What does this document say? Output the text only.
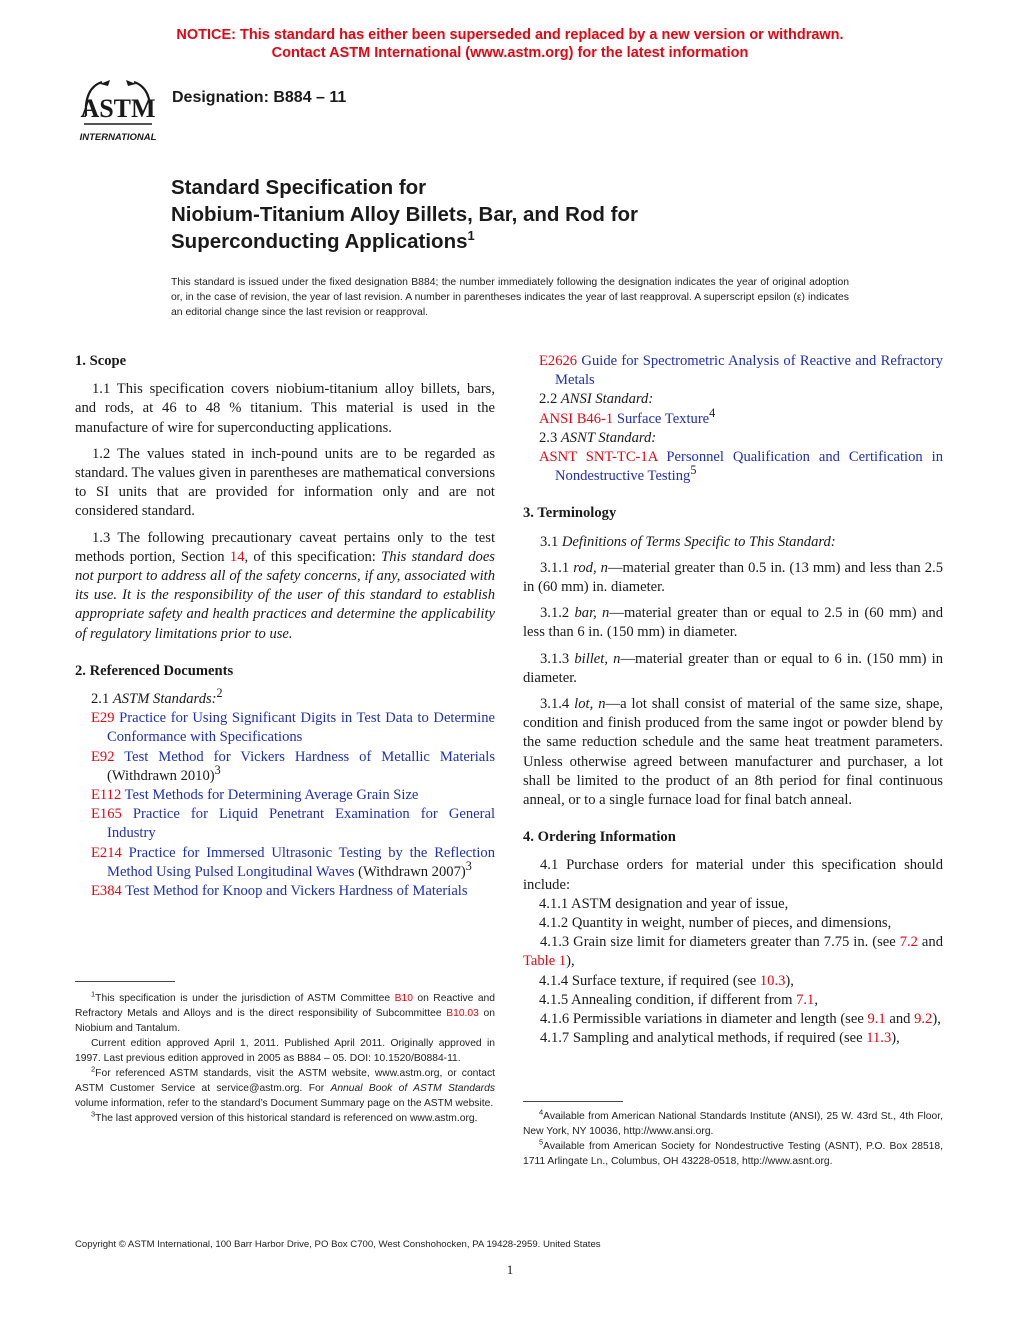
NOTICE: This standard has either been superseded and replaced by a new version or withdrawn.
Contact ASTM International (www.astm.org) for the latest information
ASTM
INTERNATIONAL
Designation: B884 – 11
Standard Specification for
Niobium-Titanium Alloy Billets, Bar, and Rod for
Superconducting Applications$^1$
This standard is issued under the fixed designation B884; the number immediately following the designation indicates the year of original adoption or, in the case of revision, the year of last revision. A number in parentheses indicates the year of last reapproval. A superscript epsilon (ε) indicates an editorial change since the last revision or reapproval.
1. Scope

1.1 This specification covers niobium-titanium alloy billets, bars, and rods, at 46 to 48 % titanium. This material is used in the manufacture of wire for superconducting applications.

1.2 The values stated in inch-pound units are to be regarded as standard. The values given in parentheses are mathematical conversions to SI units that are provided for information only and are not considered standard.

1.3 The following precautionary caveat pertains only to the test methods portion, Section 14, of this specification: This standard does not purport to address all of the safety concerns, if any, associated with its use. It is the responsibility of the user of this standard to establish appropriate safety and health practices and determine the applicability of regulatory limitations prior to use.

2. Referenced Documents

2.1 ASTM Standards:$^2$

E29 Practice for Using Significant Digits in Test Data to Determine Conformance with Specifications

E92 Test Method for Vickers Hardness of Metallic Materials (Withdrawn 2010)$^3$

E112 Test Methods for Determining Average Grain Size

E165 Practice for Liquid Penetrant Examination for General Industry

E214 Practice for Immersed Ultrasonic Testing by the Reflection Method Using Pulsed Longitudinal Waves (Withdrawn 2007)$^3$

E384 Test Method for Knoop and Vickers Hardness of Materials

E2626 Guide for Spectrometric Analysis of Reactive and Refractory Metals

2.2 ANSI Standard:

ANSI B46-1 Surface Texture$^4$

2.3 ASNT Standard:

ASNT SNT-TC-1A Personnel Qualification and Certification in Nondestructive Testing$^5$

3. Terminology

3.1 Definitions of Terms Specific to This Standard:

3.1.1 rod, n—material greater than 0.5 in. (13 mm) and less than 2.5 in (60 mm) in. diameter.

3.1.2 bar, n—material greater than or equal to 2.5 in (60 mm) and less than 6 in. (150 mm) in diameter.

3.1.3 billet, n—material greater than or equal to 6 in. (150 mm) in diameter.

3.1.4 lot, n—a lot shall consist of material of the same size, shape, condition and finish produced from the same ingot or powder blend by the same reduction schedule and the same heat treatment parameters. Unless otherwise agreed between manufacturer and purchaser, a lot shall be limited to the product of an 8th period for final continuous anneal, or to a single furnace load for final batch anneal.

4. Ordering Information

4.1 Purchase orders for material under this specification should include:

4.1.1 ASTM designation and year of issue,

4.1.2 Quantity in weight, number of pieces, and dimensions,

4.1.3 Grain size limit for diameters greater than 7.75 in. (see 7.2 and Table 1),

4.1.4 Surface texture, if required (see 10.3),

4.1.5 Annealing condition, if different from 7.1,

4.1.6 Permissible variations in diameter and length (see 9.1 and 9.2),

4.1.7 Sampling and analytical methods, if required (see 11.3),

$^1$This specification is under the jurisdiction of ASTM Committee B10 on Reactive and Refractory Metals and Alloys and is the direct responsibility of Subcommittee B10.03 on Niobium and Tantalum.

Current edition approved April 1, 2011. Published April 2011. Originally approved in 1997. Last previous edition approved in 2005 as B884 – 05. DOI: 10.1520/B0884-11.

$^2$For referenced ASTM standards, visit the ASTM website, www.astm.org, or contact ASTM Customer Service at service@astm.org. For Annual Book of ASTM Standards volume information, refer to the standard’s Document Summary page on the ASTM website.

$^3$The last approved version of this historical standard is referenced on www.astm.org.

$^4$Available from American National Standards Institute (ANSI), 25 W. 43rd St., 4th Floor, New York, NY 10036, http://www.ansi.org.

$^5$Available from American Society for Nondestructive Testing (ASNT), P.O. Box 28518, 1711 Arlingate Ln., Columbus, OH 43228-0518, http://www.asnt.org.

Copyright © ASTM International, 100 Barr Harbor Drive, PO Box C700, West Conshohocken, PA 19428-2959. United States
1
